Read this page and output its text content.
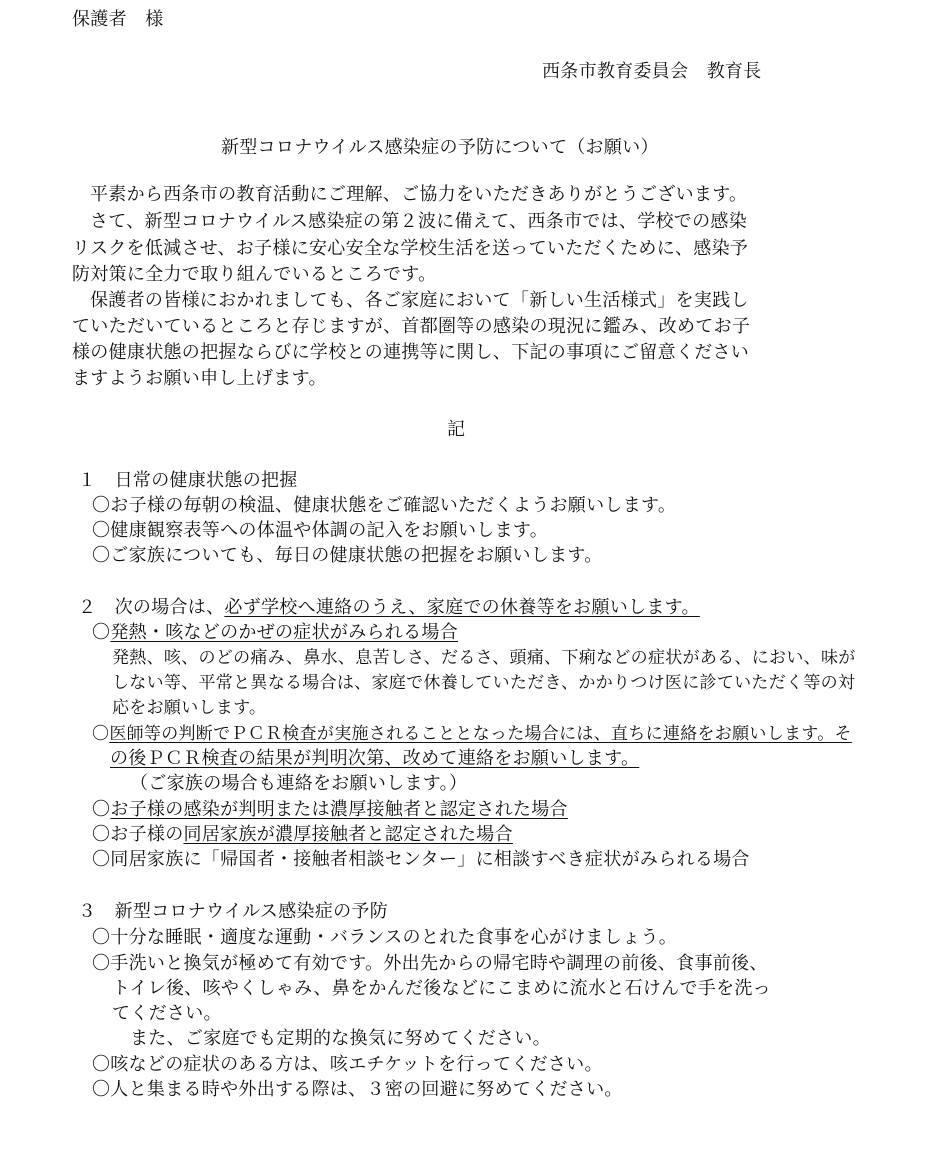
保護者　様
西条市教育委員会　教育長
新型コロナウイルス感染症の予防について（お願い）
平素から西条市の教育活動にご理解、ご協力をいただきありがとうございます。
さて、新型コロナウイルス感染症の第２波に備えて、西条市では、学校での感染
リスクを低減させ、お子様に安心安全な学校生活を送っていただくために、感染予
防対策に全力で取り組んでいるところです。
保護者の皆様におかれましても、各ご家庭において「新しい生活様式」を実践し
ていただいているところと存じますが、首都圏等の感染の現況に鑑み、改めてお子
様の健康状態の把握ならびに学校との連携等に関し、下記の事項にご留意ください
ますようお願い申し上げます。
記
１　日常の健康状態の把握
〇お子様の毎朝の検温、健康状態をご確認いただくようお願いします。
〇健康観察表等への体温や体調の記入をお願いします。
〇ご家族についても、毎日の健康状態の把握をお願いします。
２　次の場合は、必ず学校へ連絡のうえ、家庭での休養等をお願いします。
〇発熱・咳などのかぜの症状がみられる場合
発熱、咳、のどの痛み、鼻水、息苦しさ、だるさ、頭痛、下痢などの症状がある、におい、味が
しない等、平常と異なる場合は、家庭で休養していただき、かかりつけ医に診ていただく等の対
応をお願いします。
〇医師等の判断でＰＣＲ検査が実施されることとなった場合には、直ちに連絡をお願いします。そ
の後ＰＣＲ検査の結果が判明次第、改めて連絡をお願いします。
（ご家族の場合も連絡をお願いします。）
〇お子様の感染が判明または濃厚接触者と認定された場合
〇お子様の同居家族が濃厚接触者と認定された場合
〇同居家族に「帰国者・接触者相談センター」に相談すべき症状がみられる場合
３　新型コロナウイルス感染症の予防
〇十分な睡眠・適度な運動・バランスのとれた食事を心がけましょう。
〇手洗いと換気が極めて有効です。外出先からの帰宅時や調理の前後、食事前後、
トイレ後、咳やくしゃみ、鼻をかんだ後などにこまめに流水と石けんで手を洗っ
てください。
また、ご家庭でも定期的な換気に努めてください。
〇咳などの症状のある方は、咳エチケットを行ってください。
〇人と集まる時や外出する際は、３密の回避に努めてください。
